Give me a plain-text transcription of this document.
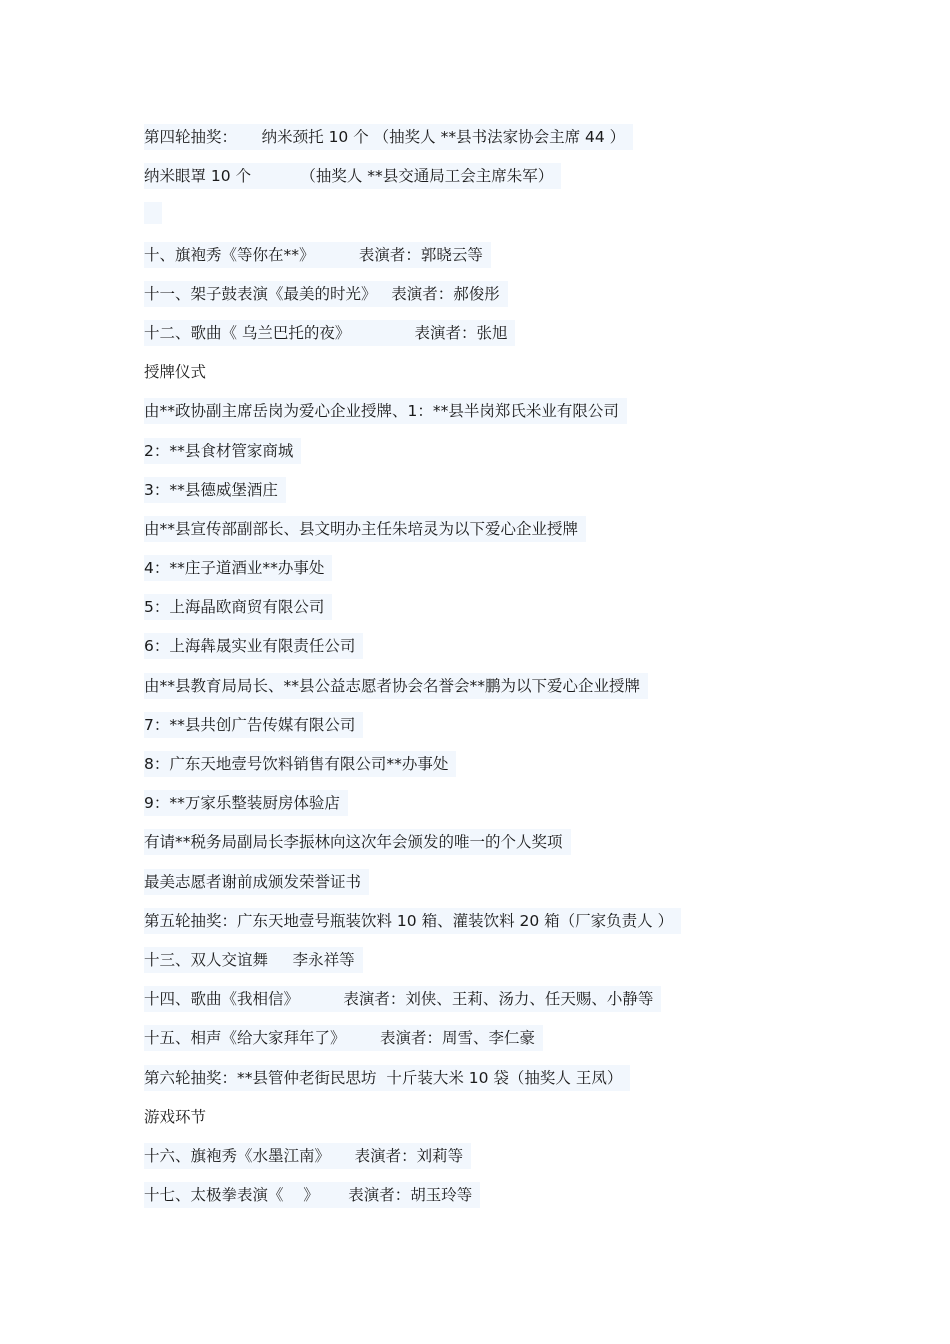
第四轮抽奖：     纳米颈托 10 个 （抽奖人 **县书法家协会主席 44 ）
纳米眼罩 10 个          （抽奖人 **县交通局工会主席朱军）
十、旗袍秀《等你在**》         表演者：郭晓云等
十一、架子鼓表演《最美的时光》   表演者：郝俊彤
十二、歌曲《 乌兰巴托的夜》             表演者：张旭
授牌仪式
由**政协副主席岳岗为爱心企业授牌、1：**县半岗郑氏米业有限公司
2：**县食材管家商城
3：**县德威堡酒庄
由**县宣传部副部长、县文明办主任朱培灵为以下爱心企业授牌
4：**庄子道酒业**办事处
5：上海晶欧商贸有限公司
6：上海犇晟实业有限责任公司
由**县教育局局长、**县公益志愿者协会名誉会**鹏为以下爱心企业授牌
7：**县共创广告传媒有限公司
8：广东天地壹号饮料销售有限公司**办事处
9：**万家乐整装厨房体验店
有请**税务局副局长李振林向这次年会颁发的唯一的个人奖项
最美志愿者谢前成颁发荣誉证书
第五轮抽奖：广东天地壹号瓶装饮料 10 箱、灌装饮料 20 箱（厂家负责人 ）
十三、双人交谊舞     李永祥等
十四、歌曲《我相信》         表演者：刘侠、王莉、汤力、任天赐、小静等
十五、相声《给大家拜年了》       表演者：周雪、李仁豪
第六轮抽奖：**县管仲老街民思坊  十斤装大米 10 袋（抽奖人 王凤）
游戏环节
十六、旗袍秀《水墨江南》     表演者：刘莉等
十七、太极拳表演《    》      表演者：胡玉玲等
